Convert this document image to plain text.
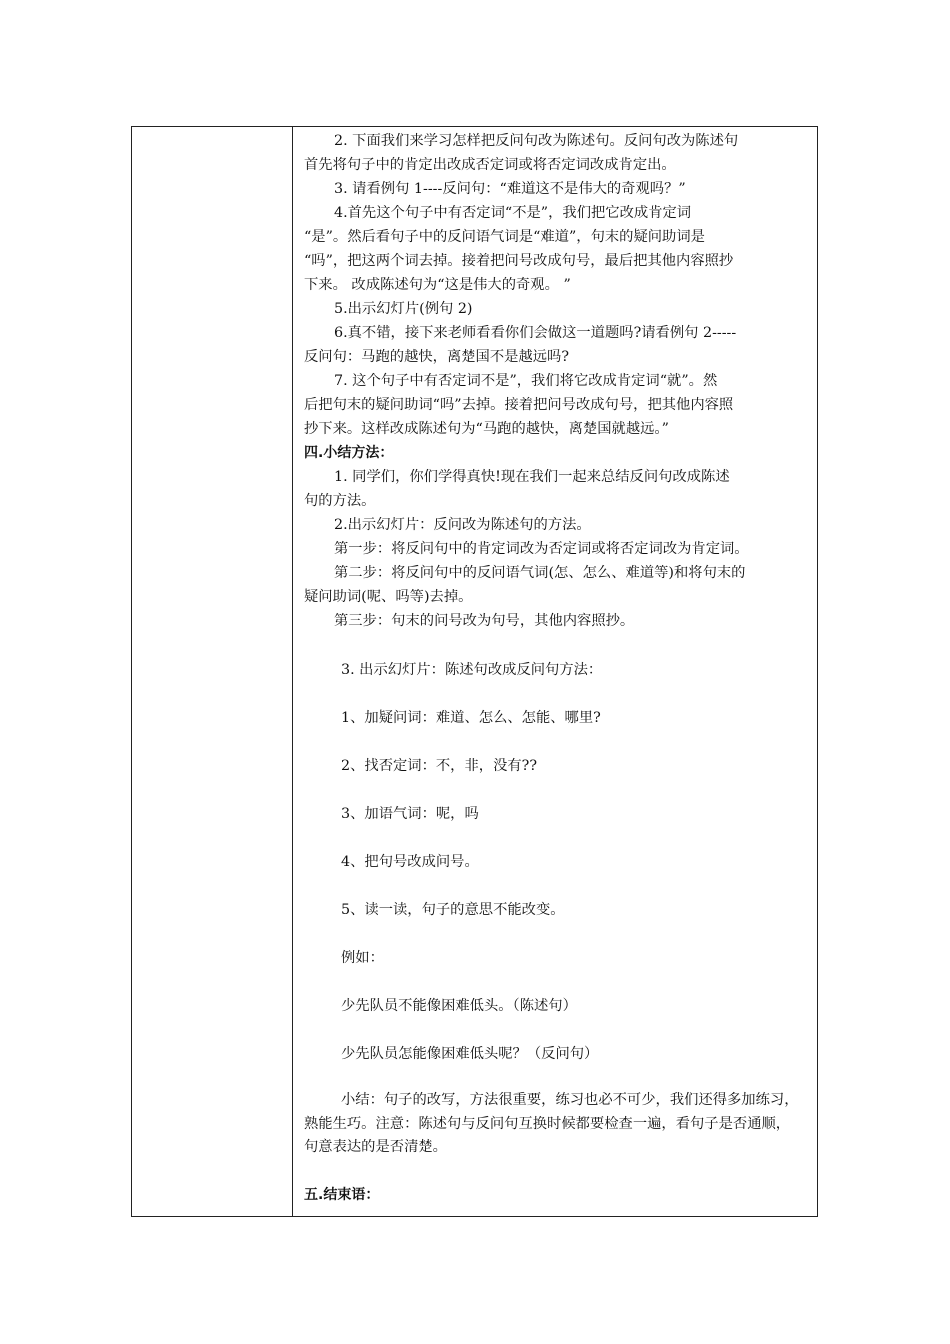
2. 下面我们来学习怎样把反问句改为陈述句。反问句改为陈述句
首先将句子中的肯定出改成否定词或将否定词改成肯定出。
3. 请看例句 1----反问句：“难道这不是伟大的奇观吗？”
4.首先这个句子中有否定词“不是”，我们把它改成肯定词
“是”。然后看句子中的反问语气词是“难道”，句末的疑问助词是
“吗”，把这两个词去掉。接着把问号改成句号，最后把其他内容照抄
下来。 改成陈述句为“这是伟大的奇观。 ”
5.出示幻灯片(例句 2)
6.真不错，接下来老师看看你们会做这一道题吗?请看例句 2-----
反问句：马跑的越快，离楚国不是越远吗?
7. 这个句子中有否定词不是”，我们将它改成肯定词“就”。然
后把句末的疑问助词“吗”去掉。接着把问号改成句号，把其他内容照
抄下来。这样改成陈述句为“马跑的越快，离楚国就越远。”
四.小结方法：
1. 同学们，你们学得真快!现在我们一起来总结反问句改成陈述
句的方法。
2.出示幻灯片：反问改为陈述句的方法。
第一步：将反问句中的肯定词改为否定词或将否定词改为肯定词。
第二步：将反问句中的反问语气词(怎、怎么、难道等)和将句末的
疑问助词(呢、吗等)去掉。
第三步：句末的问号改为句号，其他内容照抄。
3. 出示幻灯片：陈述句改成反问句方法：
1、加疑问词：难道、怎么、怎能、哪里?
2、找否定词：不，非，没有??
3、加语气词：呢，吗
4、把句号改成问号。
5、读一读，句子的意思不能改变。
例如：
少先队员不能像困难低头。（陈述句）
少先队员怎能像困难低头呢？（反问句）
小结：句子的改写，方法很重要，练习也必不可少，我们还得多加练习，熟能生巧。注意：陈述句与反问句互换时候都要检查一遍，看句子是否通顺，句意表达的是否清楚。
五.结束语：
